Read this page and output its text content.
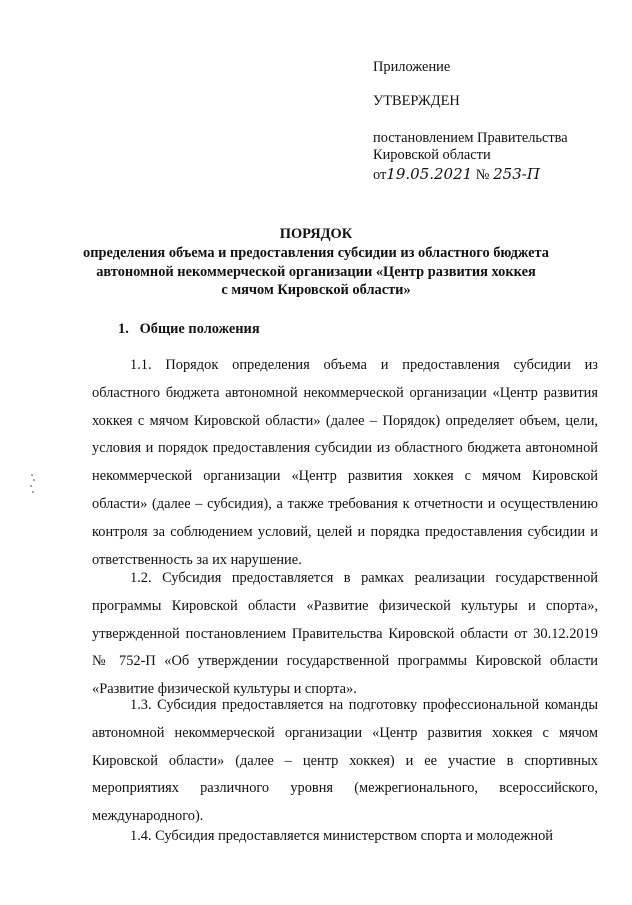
Приложение
УТВЕРЖДЕН
постановлением Правительства
Кировской области
от19.05.2021 № 253-П
ПОРЯДОК
определения объема и предоставления субсидии из областного бюджета
автономной некоммерческой организации «Центр развития хоккея
с мячом Кировской области»
1.   Общие положения
1.1. Порядок определения объема и предоставления субсидии из областного бюджета автономной некоммерческой организации «Центр развития хоккея с мячом Кировской области» (далее – Порядок) определяет объем, цели, условия и порядок предоставления субсидии из областного бюджета автономной некоммерческой организации «Центр развития хоккея с мячом Кировской области» (далее – субсидия), а также требования к отчетности и осуществлению контроля за соблюдением условий, целей и порядка предоставления субсидии и ответственность за их нарушение.
1.2. Субсидия предоставляется в рамках реализации государственной программы Кировской области «Развитие физической культуры и спорта», утвержденной постановлением Правительства Кировской области от 30.12.2019 № 752-П «Об утверждении государственной программы Кировской области «Развитие физической культуры и спорта».
1.3. Субсидия предоставляется на подготовку профессиональной команды автономной некоммерческой организации «Центр развития хоккея с мячом Кировской области» (далее – центр хоккея) и ее участие в спортивных мероприятиях различного уровня (межрегионального, всероссийского, международного).
1.4. Субсидия предоставляется министерством спорта и молодежной
